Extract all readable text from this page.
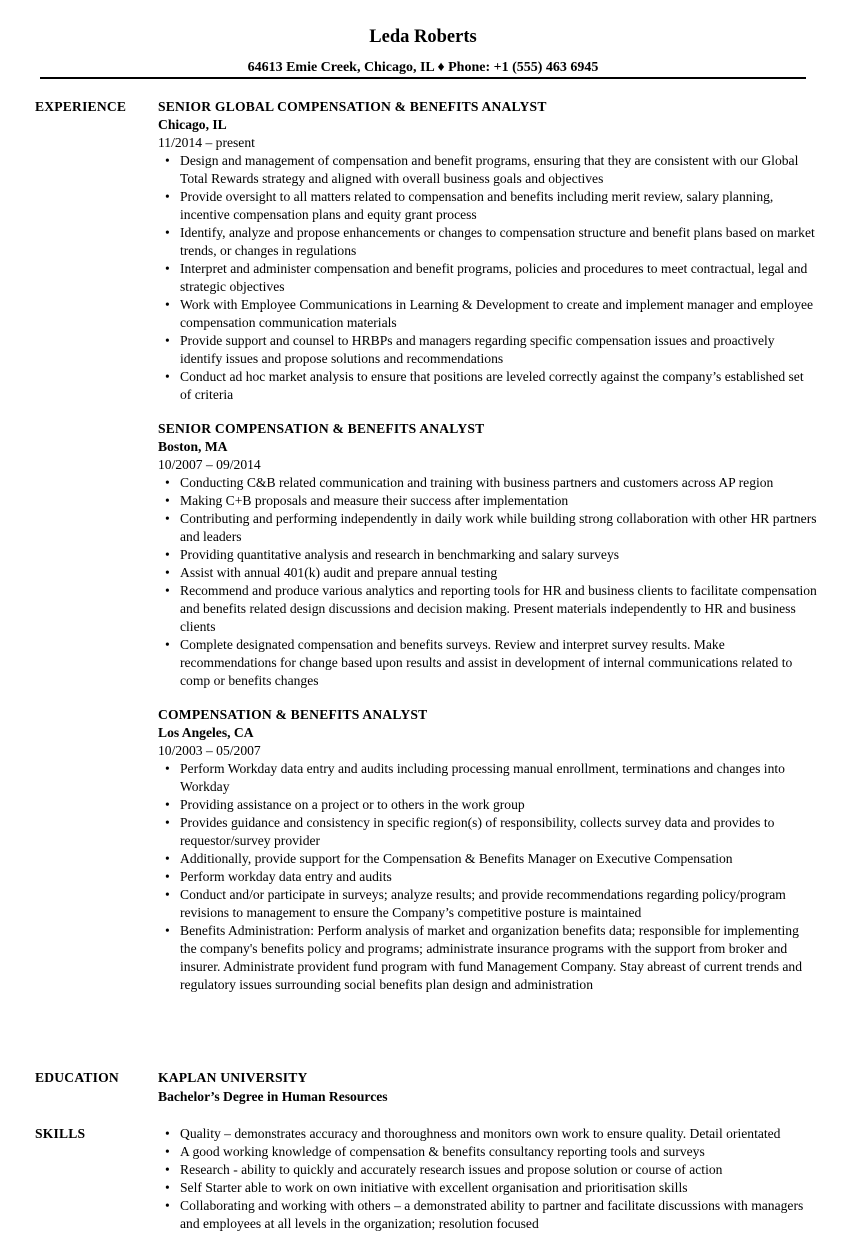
Leda Roberts
64613 Emie Creek, Chicago, IL ♦ Phone: +1 (555) 463 6945
EXPERIENCE SENIOR GLOBAL COMPENSATION & BENEFITS ANALYST
Chicago, IL
11/2014 – present
• Design and management of compensation and benefit programs, ensuring that they are consistent with our Global Total Rewards strategy and aligned with overall business goals and objectives
• Provide oversight to all matters related to compensation and benefits including merit review, salary planning, incentive compensation plans and equity grant process
• Identify, analyze and propose enhancements or changes to compensation structure and benefit plans based on market trends, or changes in regulations
• Interpret and administer compensation and benefit programs, policies and procedures to meet contractual, legal and strategic objectives
• Work with Employee Communications in Learning & Development to create and implement manager and employee compensation communication materials
• Provide support and counsel to HRBPs and managers regarding specific compensation issues and proactively identify issues and propose solutions and recommendations
• Conduct ad hoc market analysis to ensure that positions are leveled correctly against the company’s established set of criteria
SENIOR COMPENSATION & BENEFITS ANALYST
Boston, MA
10/2007 – 09/2014
• Conducting C&B related communication and training with business partners and customers across AP region
• Making C+B proposals and measure their success after implementation
• Contributing and performing independently in daily work while building strong collaboration with other HR partners and leaders
• Providing quantitative analysis and research in benchmarking and salary surveys
• Assist with annual 401(k) audit and prepare annual testing
• Recommend and produce various analytics and reporting tools for HR and business clients to facilitate compensation and benefits related design discussions and decision making. Present materials independently to HR and business clients
• Complete designated compensation and benefits surveys. Review and interpret survey results. Make recommendations for change based upon results and assist in development of internal communications related to comp or benefits changes
COMPENSATION & BENEFITS ANALYST
Los Angeles, CA
10/2003 – 05/2007
• Perform Workday data entry and audits including processing manual enrollment, terminations and changes into Workday
• Providing assistance on a project or to others in the work group
• Provides guidance and consistency in specific region(s) of responsibility, collects survey data and provides to requestor/survey provider
• Additionally, provide support for the Compensation & Benefits Manager on Executive Compensation
• Perform workday data entry and audits
• Conduct and/or participate in surveys; analyze results; and provide recommendations regarding policy/program revisions to management to ensure the Company’s competitive posture is maintained
• Benefits Administration: Perform analysis of market and organization benefits data; responsible for implementing the company's benefits policy and programs; administrate insurance programs with the support from broker and insurer. Administrate provident fund program with fund Management Company. Stay abreast of current trends and regulatory issues surrounding social benefits plan design and administration
EDUCATION	KAPLAN UNIVERSITY
Bachelor’s Degree in Human Resources
SKILLS
•	Quality – demonstrates accuracy and thoroughness and monitors own work to ensure quality. Detail orientated
• A good working knowledge of compensation & benefits consultancy reporting tools and surveys
• Research - ability to quickly and accurately research issues and propose solution or course of action
• Self Starter able to work on own initiative with excellent organisation and prioritisation skills
• Collaborating and working with others – a demonstrated ability to partner and facilitate discussions with managers and employees at all levels in the organization; resolution focused
